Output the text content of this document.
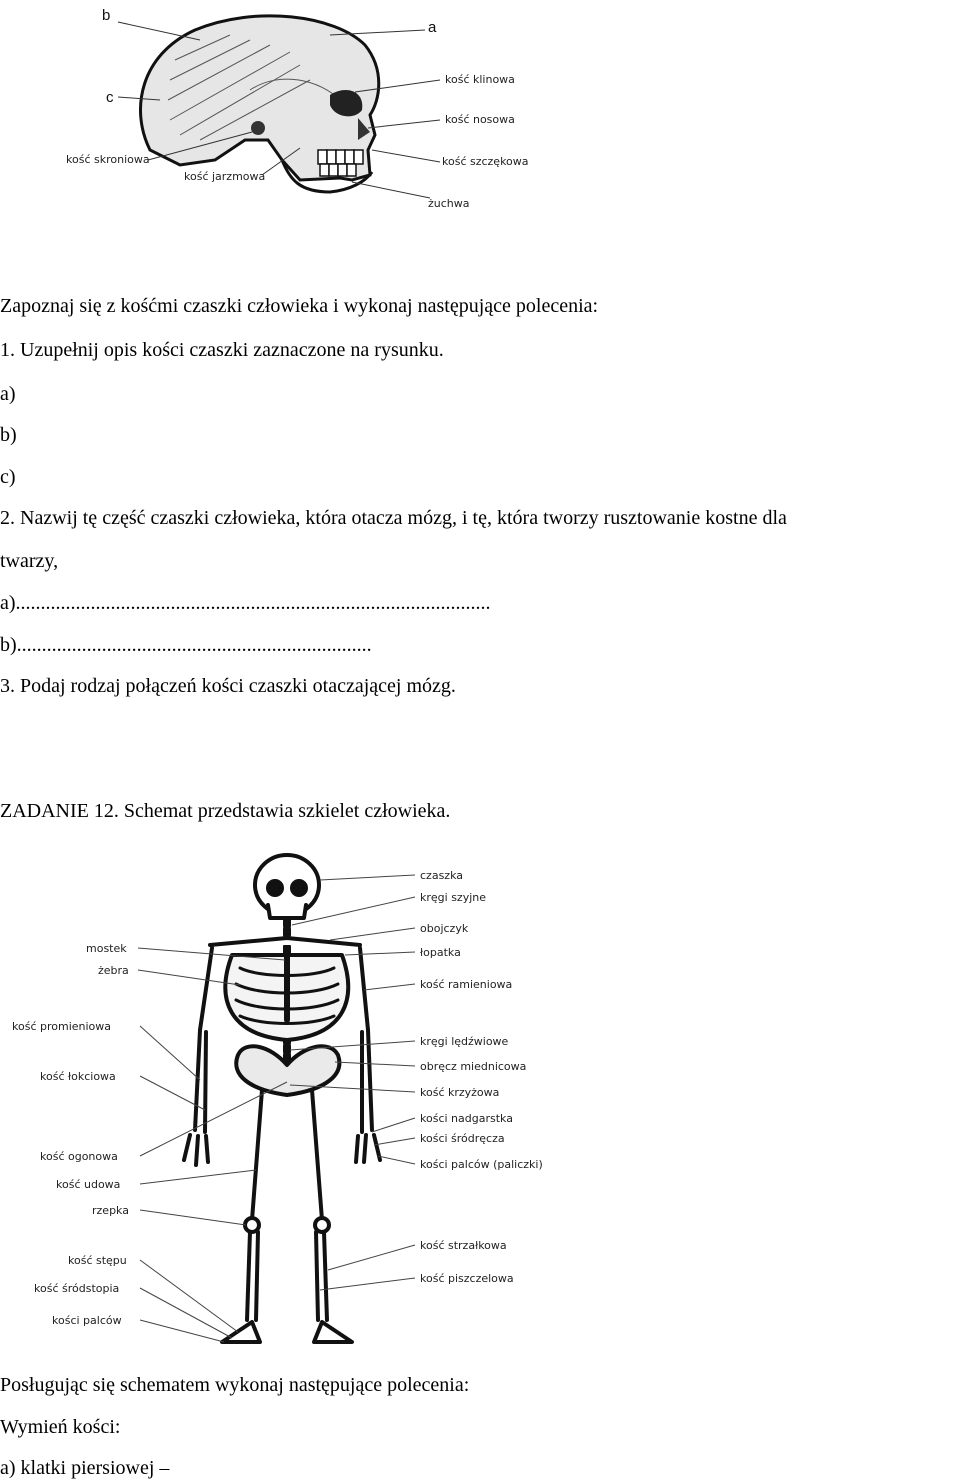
b
c
a
kość klinowa
kość nosowa
kość szczękowa
żuchwa
kość skroniowa
kość jarzmowa
Zapoznaj się z kośćmi czaszki człowieka i wykonaj następujące polecenia:
1. Uzupełnij opis kości czaszki zaznaczone na rysunku.
a)
b)
c)
2. Nazwij tę część czaszki człowieka, która otacza mózg, i tę, która tworzy rusztowanie kostne dla
twarzy,
a)...............................................................................................
b).......................................................................
3. Podaj rodzaj połączeń kości czaszki otaczającej mózg.
ZADANIE 12. Schemat przedstawia szkielet człowieka.
czaszka
kręgi szyjne
obojczyk
łopatka
kość ramieniowa
kręgi lędźwiowe
obręcz miednicowa
kość krzyżowa
kości nadgarstka
kości śródręcza
kości palców (paliczki)
kość strzałkowa
kość piszczelowa
mostek
żebra
kość promieniowa
kość łokciowa
kość ogonowa
kość udowa
rzepka
kość stępu
kość śródstopia
kości palców
Posługując się schematem wykonaj następujące polecenia:
Wymień kości:
a) klatki piersiowej –
